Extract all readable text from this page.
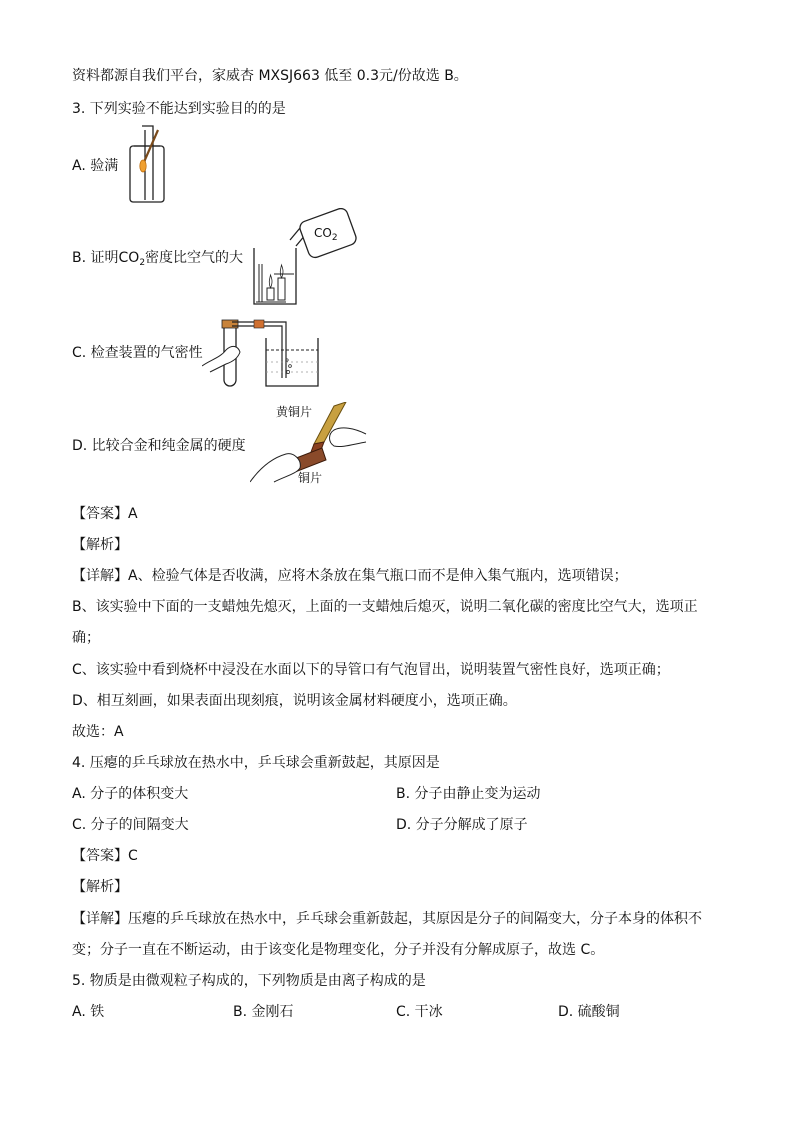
资料都源自我们平台，家威杏 MXSJ663 低至 0.3元/份故选 B。
3. 下列实验不能达到实验目的的是
A. 验满
B. 证明$CO_2$密度比空气的大
$CO_2$
C. 检查装置的气密性
D. 比较合金和纯金属的硬度
黄铜片
铜片
【答案】A
【解析】
【详解】A、检验气体是否收满，应将木条放在集气瓶口而不是伸入集气瓶内，选项错误；
B、该实验中下面的一支蜡烛先熄灭，上面的一支蜡烛后熄灭，说明二氧化碳的密度比空气大，选项正
确；
C、该实验中看到烧杯中浸没在水面以下的导管口有气泡冒出，说明装置气密性良好，选项正确；
D、相互刻画，如果表面出现刻痕，说明该金属材料硬度小，选项正确。
故选：A
4. 压瘪的乒乓球放在热水中，乒乓球会重新鼓起，其原因是
A. 分子的体积变大	B. 分子由静止变为运动
C. 分子的间隔变大	D. 分子分解成了原子
【答案】C
【解析】
【详解】压瘪的乒乓球放在热水中，乒乓球会重新鼓起，其原因是分子的间隔变大，分子本身的体积不
变；分子一直在不断运动，由于该变化是物理变化，分子并没有分解成原子，故选 C。
5. 物质是由微观粒子构成的，下列物质是由离子构成的是
A. 铁	B. 金刚石	C. 干冰	D. 硫酸铜
